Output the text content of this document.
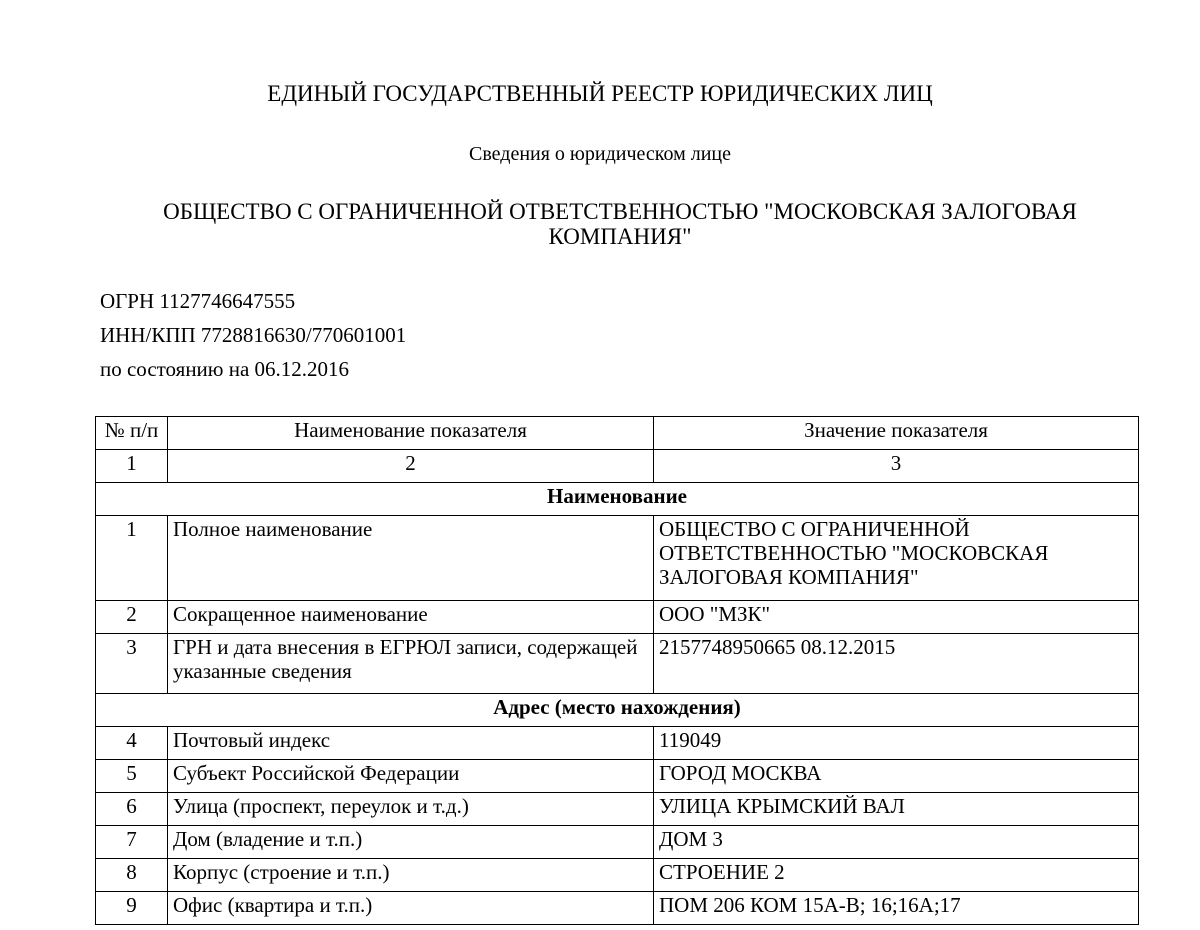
ЕДИНЫЙ ГОСУДАРСТВЕННЫЙ РЕЕСТР ЮРИДИЧЕСКИХ ЛИЦ
Сведения о юридическом лице
ОБЩЕСТВО С ОГРАНИЧЕННОЙ ОТВЕТСТВЕННОСТЬЮ "МОСКОВСКАЯ ЗАЛОГОВАЯ КОМПАНИЯ"
ОГРН 1127746647555
ИНН/КПП 7728816630/770601001
по состоянию на 06.12.2016
№ п/п	Наименование показателя	Значение показателя
1	2	3
Наименование		
1	Полное наименование	ОБЩЕСТВО С ОГРАНИЧЕННОЙ ОТВЕТСТВЕННОСТЬЮ "МОСКОВСКАЯ ЗАЛОГОВАЯ КОМПАНИЯ"
2	Сокращенное наименование	ООО "МЗК"
3	ГРН и дата внесения в ЕГРЮЛ записи, содержащей указанные сведения	2157748950665 08.12.2015
Адрес (место нахождения)		
4	Почтовый индекс	119049
5	Субъект Российской Федерации	ГОРОД МОСКВА
6	Улица (проспект, переулок и т.д.)	УЛИЦА КРЫМСКИЙ ВАЛ
7	Дом (владение и т.п.)	ДОМ 3
8	Корпус (строение и т.п.)	СТРОЕНИЕ 2
9	Офис (квартира и т.п.)	ПОМ 206 КОМ 15А-В; 16;16А;17
